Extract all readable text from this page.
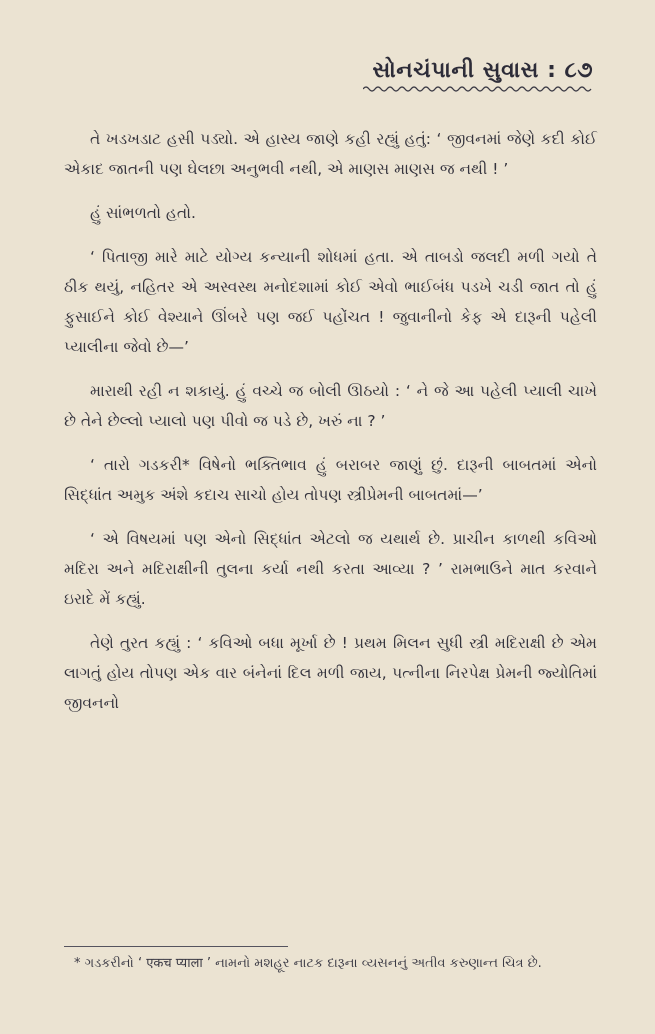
સોનચંપાની સુવાસ : ૮૭

તે ખડખડાટ હસી પડ્યો. એ હાસ્ય જાણે કહી રહ્યું હતું: ‘ જીવનમાં જેણે કદી કોઈ એકાદ જાતની પણ ઘેલછા અનુભવી નથી, એ માણસ માણસ જ નથી ! ’

હું સાંભળતો હતો.

‘ પિતાજી મારે માટે યોગ્ય કન્યાની શોધમાં હતા. એ તાબડો જલદી મળી ગયો તે ઠીક થયું, નહિતર એ અસ્વસ્થ મનોદશામાં કોઈ એવો ભાઈબંધ પડખે ચડી જાત તો હું ફુસાઈને કોઈ વેશ્યાને ઊંબરે પણ જઈ પહોંચત ! જુવાનીનો કેફ એ દારૂની પહેલી પ્યાલીના જેવો છે—’

મારાથી રહી ન શકાયું. હું વચ્ચે જ બોલી ઊઠયો : ‘ ને જે આ પહેલી પ્યાલી ચાખે છે તેને છેલ્લો પ્યાલો પણ પીવો જ પડે છે, ખરું ના ? ’

‘ તારો ગડકરી* વિષેનો ભક્તિભાવ હું બરાબર જાણું છું. દારૂની બાબતમાં એનો સિદ્ધાંત અમુક અંશે કદાચ સાચો હોય તોપણ સ્ત્રીપ્રેમની બાબતમાં—’

‘ એ વિષયમાં પણ એનો સિદ્ધાંત એટલો જ યથાર્થ છે. પ્રાચીન કાળથી કવિઓ મદિરા અને મદિરાક્ષીની તુલના કર્યા નથી કરતા આવ્યા ? ’ રામભાઉને માત કરવાને ઇરાદે મેં કહ્યું.

તેણે તુરત કહ્યું : ‘ કવિઓ બધા મૂર્ખા છે ! પ્રથમ મિલન સુધી સ્ત્રી મદિરાક્ષી છે એમ લાગતું હોય તોપણ એક વાર બંનેનાં દિલ મળી જાય, પત્નીના નિરપેક્ષ પ્રેમની જ્યોતિમાં જીવનનો

* ગડકરીનો ‘ एकच प्याला ’ નામનો મશહૂર નાટક દારૂના વ્યસનનું અતીવ કરુણાન્ત ચિત્ર છે.
